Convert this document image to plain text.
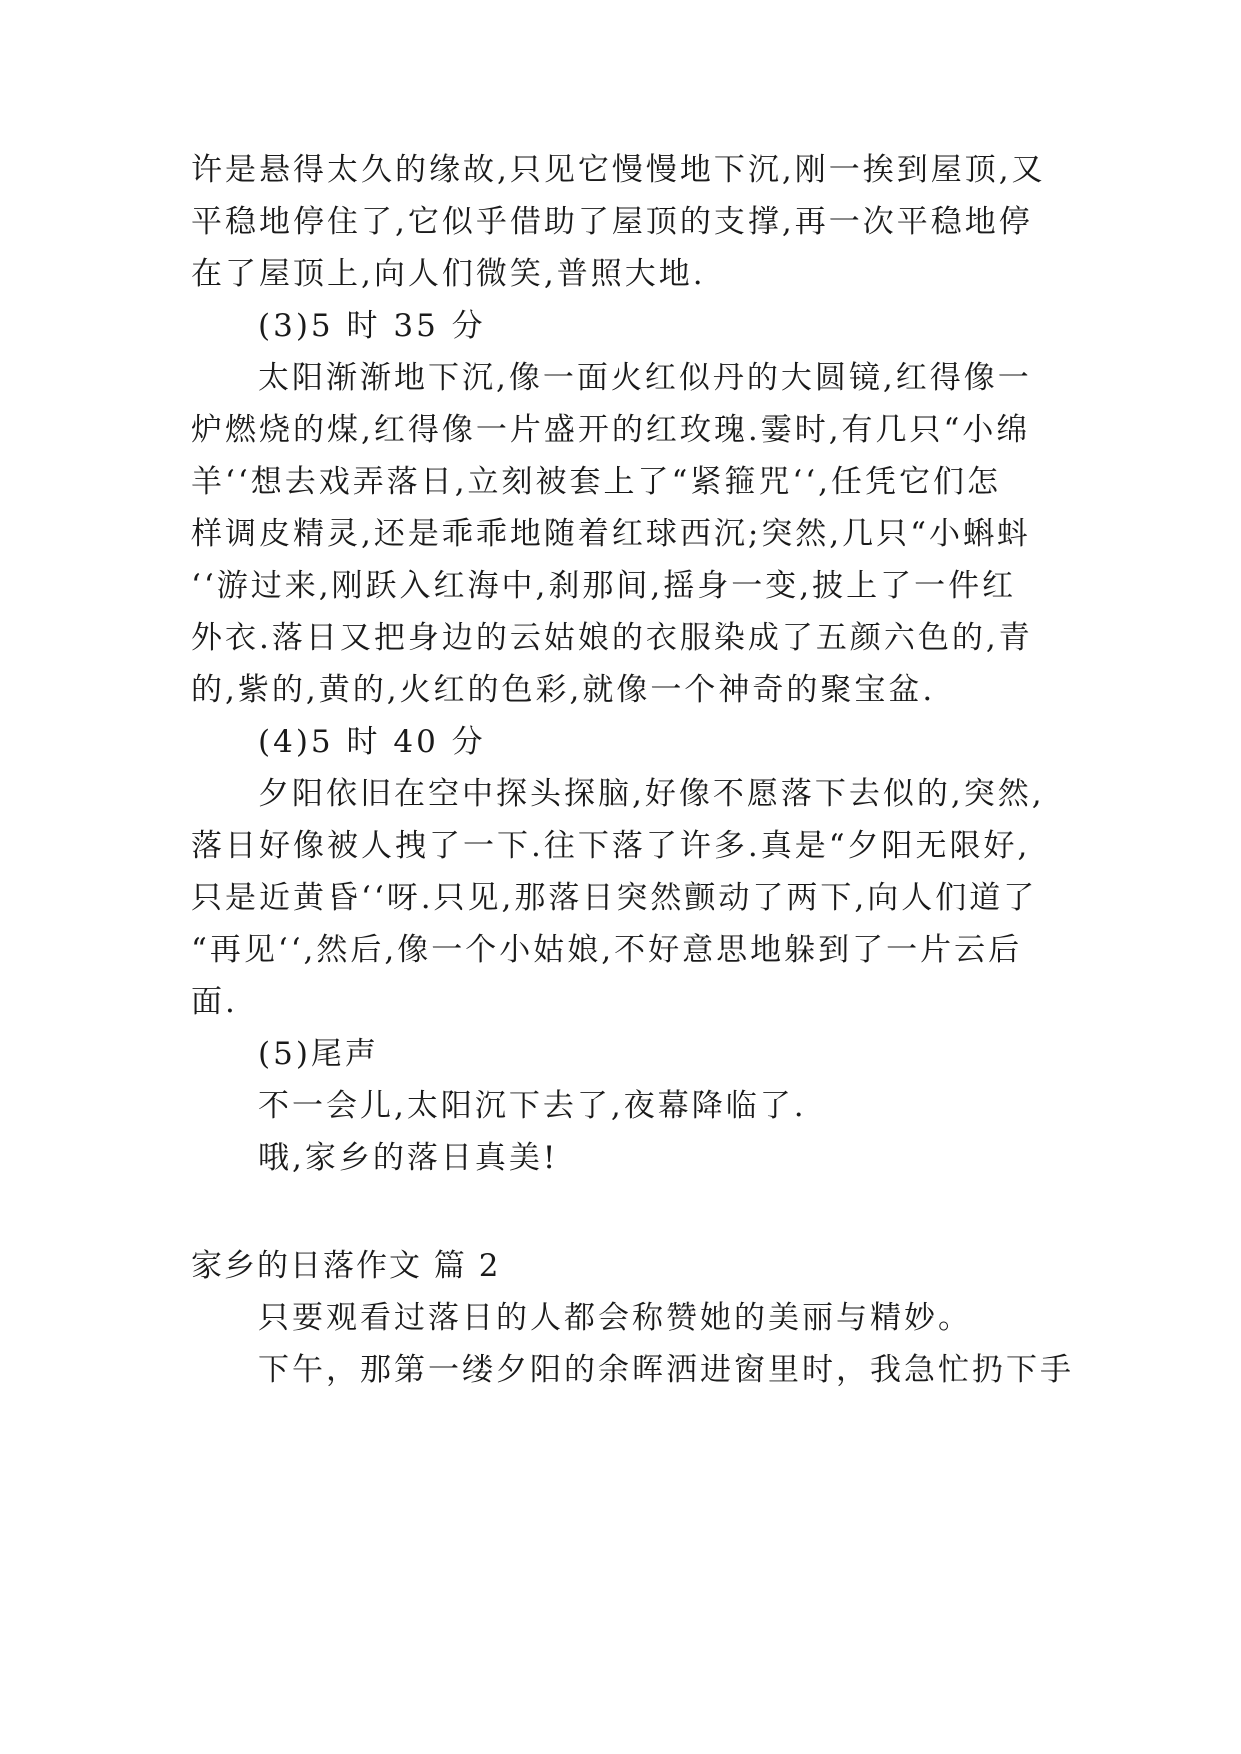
许是悬得太久的缘故,只见它慢慢地下沉,刚一挨到屋顶,又
平稳地停住了,它似乎借助了屋顶的支撑,再一次平稳地停
在了屋顶上,向人们微笑,普照大地.
(3)5 时 35 分
太阳渐渐地下沉,像一面火红似丹的大圆镜,红得像一
炉燃烧的煤,红得像一片盛开的红玫瑰.霎时,有几只“小绵
羊‘‘想去戏弄落日,立刻被套上了“紧箍咒‘‘,任凭它们怎
样调皮精灵,还是乖乖地随着红球西沉;突然,几只“小蝌蚪
‘‘游过来,刚跃入红海中,刹那间,摇身一变,披上了一件红
外衣.落日又把身边的云姑娘的衣服染成了五颜六色的,青
的,紫的,黄的,火红的色彩,就像一个神奇的聚宝盆.
(4)5 时 40 分
夕阳依旧在空中探头探脑,好像不愿落下去似的,突然,
落日好像被人拽了一下.往下落了许多.真是“夕阳无限好,
只是近黄昏‘‘呀.只见,那落日突然颤动了两下,向人们道了
“再见‘‘,然后,像一个小姑娘,不好意思地躲到了一片云后
面.
(5)尾声
不一会儿,太阳沉下去了,夜幕降临了.
哦,家乡的落日真美!
家乡的日落作文 篇 2
只要观看过落日的人都会称赞她的美丽与精妙。
下午，那第一缕夕阳的余晖洒进窗里时，我急忙扔下手
